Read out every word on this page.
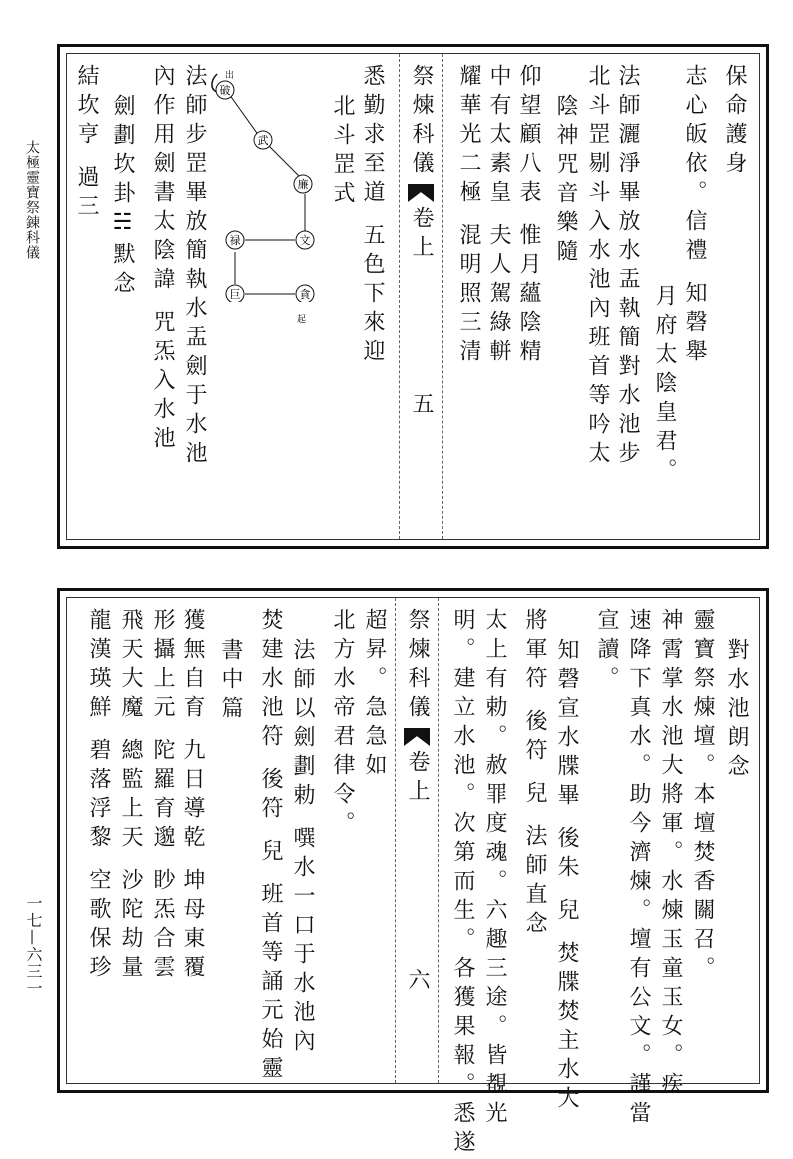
太極靈寶祭錬科儀
一七—六三一
保命護身
志心皈依。信禮 知磬舉
月府太陰皇君。
法師灑淨畢放水盂執簡對水池步
北斗罡剔斗入水池內班首等吟太
陰神咒音樂隨
仰望顧八表 惟月蘊陰精
中有太素皇 夫人駕綠軿
耀華光二極 混明照三清
祭煉科儀
卷上
五
悉勤求至道 五色下來迎
北斗罡式
出
破
武
廉
文
禄
巨	貪
起
法師步罡畢放簡執水盂劍于水池
內作用劍書太陰諱 咒炁入水池
劍劃坎卦☵默念
結坎亨 過三
對水池朗念
靈寶祭煉壇。本壇焚香關召。
神霄掌水池大將軍。水煉玉童玉女。疾
速降下真水。助今濟煉。壇有公文。謹當
宣讀。
知磬宣水牒畢 後朱 兒 焚牒焚主水大
將軍符 後符 兒 法師直念
太上有勅。赦罪度魂。六趣三途。皆覩光
明。建立水池。次第而生。各獲果報。悉遂
祭煉科儀
卷上
六
超昇。急急如
北方水帝君律令。
法師以劍劃勅 噀水一口于水池內
焚建水池符 後符 兒 班首等誦元始靈
書中篇
獲無自育 九日導乾 坤母東覆
形攝上元 陀羅育邈 眇炁合雲
飛天大魔 總監上天 沙陀劫量
龍漢瑛鮮 碧落浮黎 空歌保珍
